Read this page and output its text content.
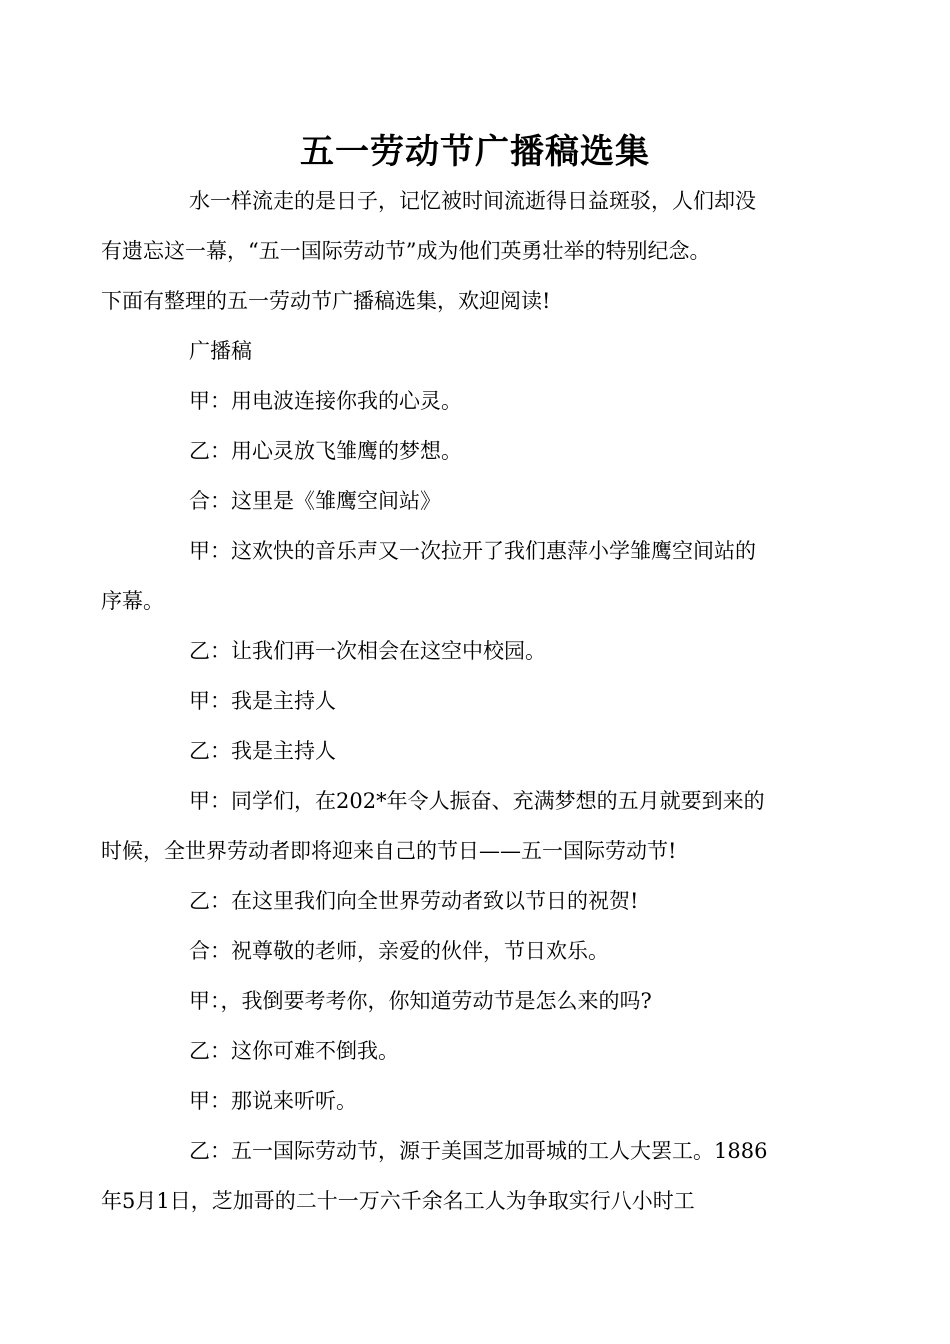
五一劳动节广播稿选集

水一样流走的是日子，记忆被时间流逝得日益斑驳，人们却没
有遗忘这一幕，“五一国际劳动节”成为他们英勇壮举的特别纪念。
下面有整理的五一劳动节广播稿选集，欢迎阅读!

广播稿

甲：用电波连接你我的心灵。

乙：用心灵放飞雏鹰的梦想。

合：这里是《雏鹰空间站》

甲：这欢快的音乐声又一次拉开了我们惠萍小学雏鹰空间站的
序幕。

乙：让我们再一次相会在这空中校园。

甲：我是主持人

乙：我是主持人

甲：同学们，在202*年令人振奋、充满梦想的五月就要到来的
时候，全世界劳动者即将迎来自己的节日——五一国际劳动节!

乙：在这里我们向全世界劳动者致以节日的祝贺!

合：祝尊敬的老师，亲爱的伙伴，节日欢乐。

甲：，我倒要考考你，你知道劳动节是怎么来的吗?

乙：这你可难不倒我。

甲：那说来听听。

乙：五一国际劳动节，源于美国芝加哥城的工人大罢工。1886
年5月1日，芝加哥的二十一万六千余名工人为争取实行八小时工
